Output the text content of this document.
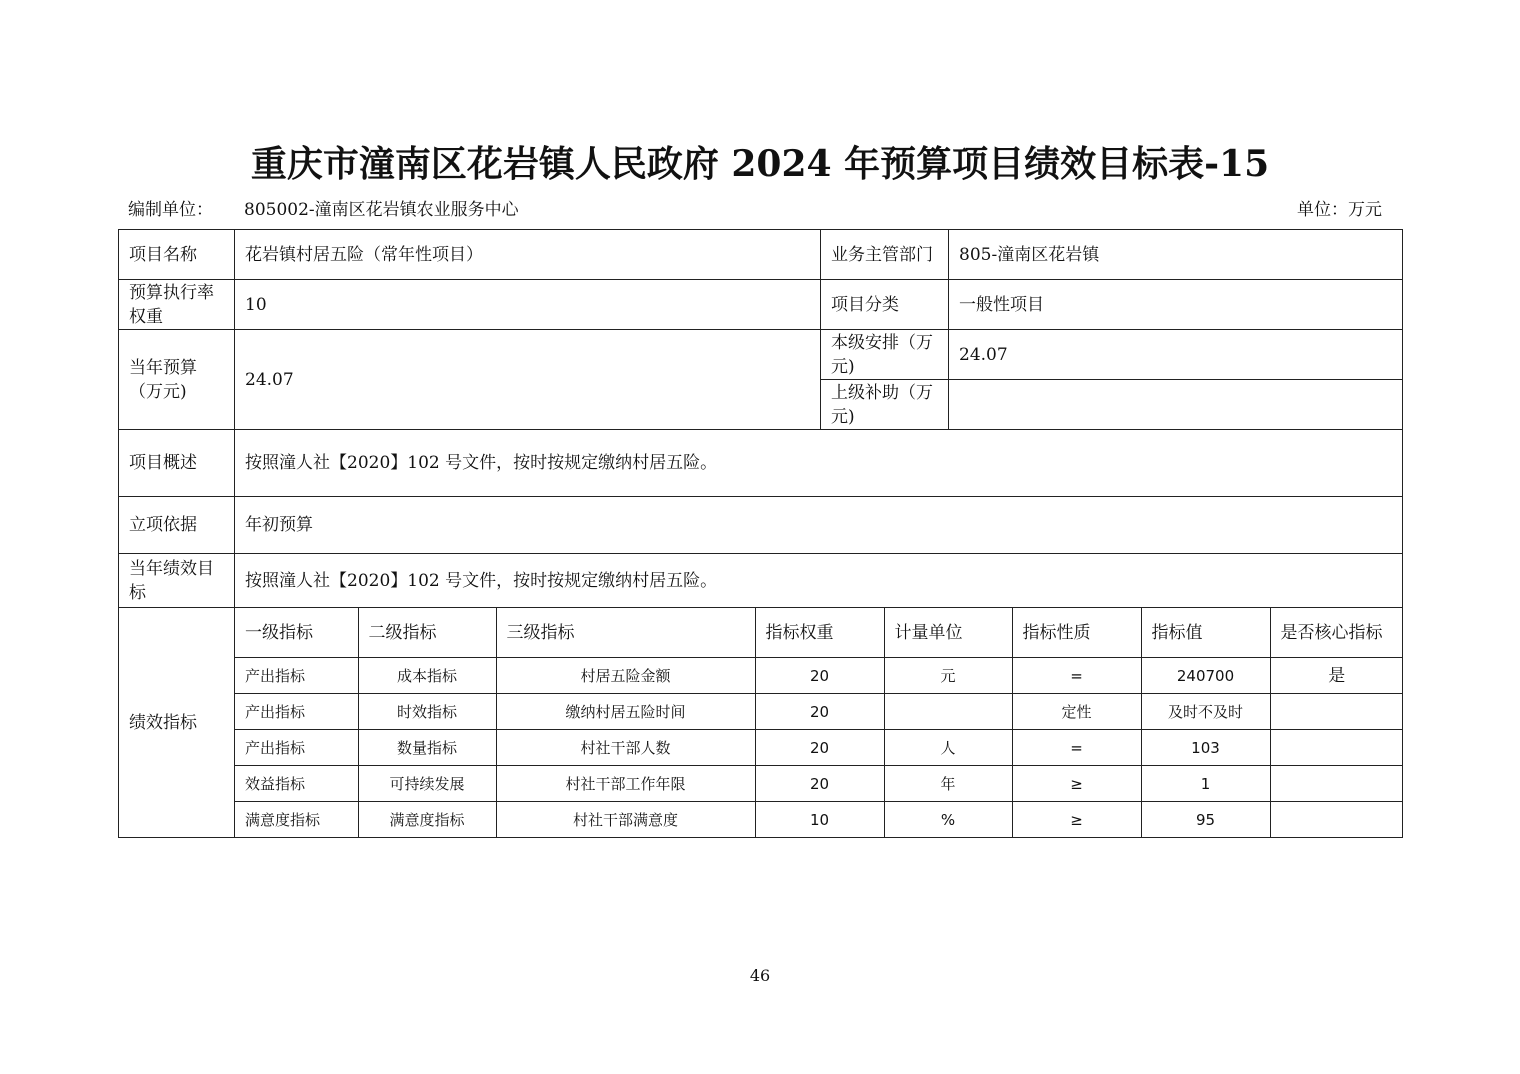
重庆市潼南区花岩镇人民政府 2024 年预算项目绩效目标表-15
编制单位： 805002-潼南区花岩镇农业服务中心	单位：万元
项目名称	花岩镇村居五险（常年性项目）	业务主管部门	805-潼南区花岩镇
预算执行率权重	10	项目分类	一般性项目
当年预算（万元)	24.07	本级安排（万元)	24.07
上级补助（万元)	
项目概述	按照潼人社【2020】102 号文件，按时按规定缴纳村居五险。
立项依据	年初预算
当年绩效目标	按照潼人社【2020】102 号文件，按时按规定缴纳村居五险。
绩效指标	
一级指标	二级指标	三级指标	指标权重	计量单位	指标性质	指标值	是否核心指标
产出指标	成本指标	村居五险金额	20	元	=	240700	是
产出指标	时效指标	缴纳村居五险时间	20		定性	及时不及时	
产出指标	数量指标	村社干部人数	20	人	=	103	
效益指标	可持续发展	村社干部工作年限	20	年	≥	1	
满意度指标	满意度指标	村社干部满意度	10	%	≥	95	
46
